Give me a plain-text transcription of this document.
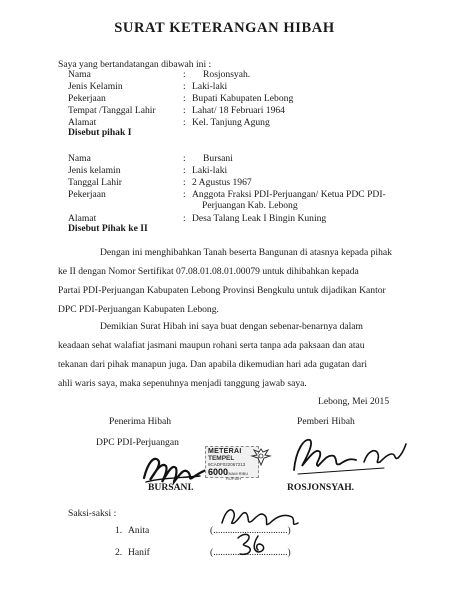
SURAT KETERANGAN HIBAH
Saya yang bertandatangan dibawah ini :
Nama	: Rosjonsyah.
Jenis Kelamin	: Laki-laki
Pekerjaan	: Bupati Kabupaten Lebong
Tempat /Tanggal Lahir	: Lahat/ 18 Februari 1964
Alamat	: Kel. Tanjung Agung
Disebut pihak I
Nama	: Bursani
Jenis kelamin	: Laki-laki
Tanggal Lahir	: 2 Agustus 1967
Pekerjaan	: Anggota Fraksi PDI-Perjuangan/ Ketua PDC PDI-
Perjuangan Kab. Lebong
Alamat	: Desa Talang Leak I Bingin Kuning
Disebut Pihak ke II
Dengan ini menghibahkan Tanah beserta Bangunan di atasnya kepada pihak
ke II dengan Nomor Sertifikat 07.08.01.08.01.00079 untuk dihibahkan kepada
Partai PDI-Perjuangan Kabupaten Lebong Provinsi Bengkulu untuk dijadikan Kantor
DPC PDI-Perjuangan Kabupaten Lebong.
Demikian Surat Hibah ini saya buat dengan sebenar-benarnya dalam
keadaan sehat walafiat jasmani maupun rohani serta tanpa ada paksaan dan atau
tekanan dari pihak manapun juga. Dan apabila dikemudian hari ada gugatan dari
ahli waris saya, maka sepenuhnya menjadi tanggung jawab saya.
Lebong, Mei 2015
Penerima Hibah	Pemberi Hibah
DPC PDI-Perjuangan
METERAI
TEMPEL
9CADF022067213
6000
ENAM RIBU RUPIAH
BURSANI.	ROSJONSYAH.
Saksi-saksi :
1. Anita	(...............................)
2. Hanif	(...............................)
